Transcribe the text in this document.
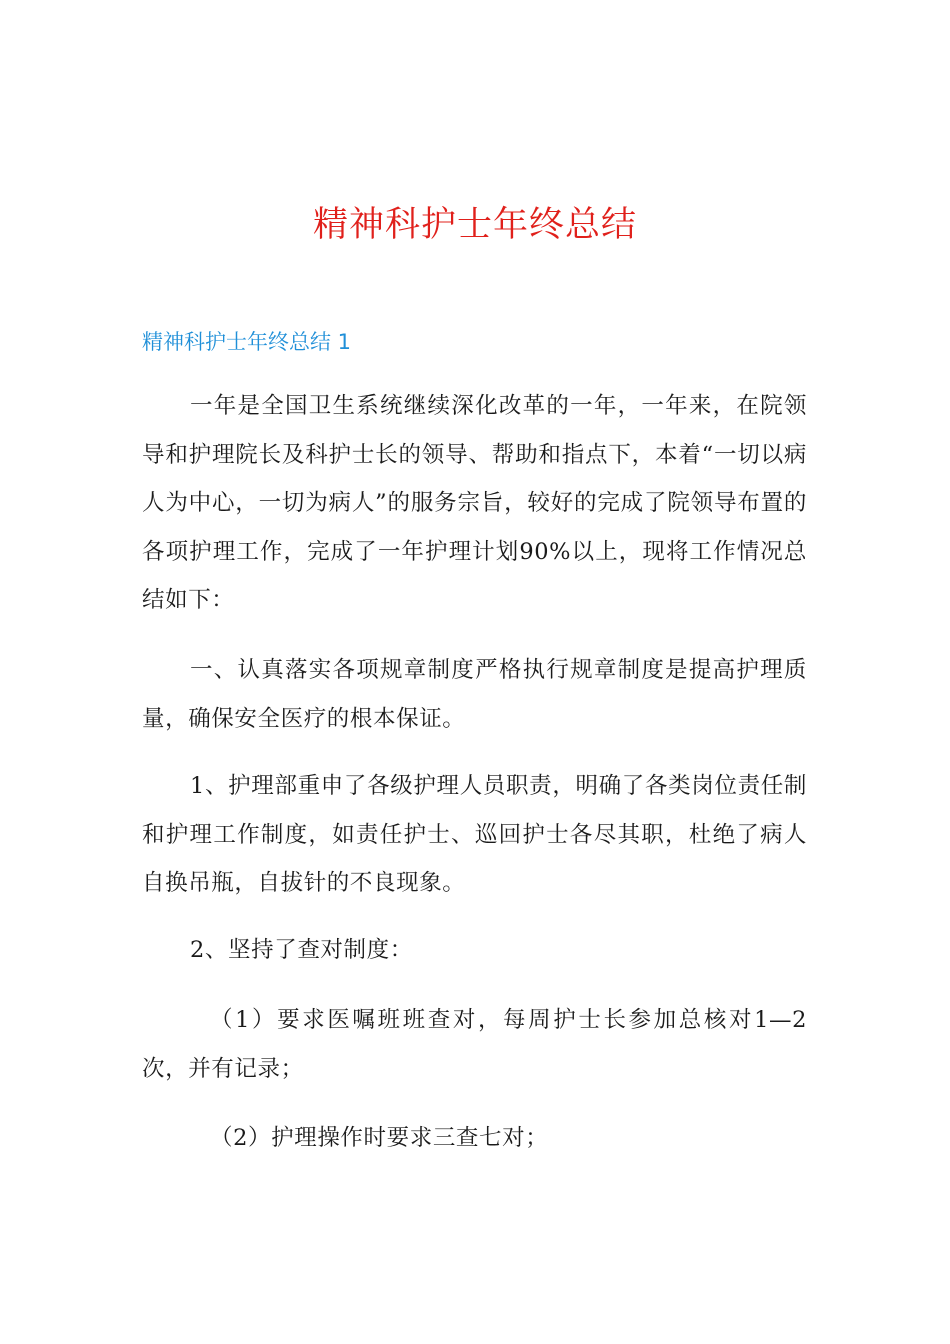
精神科护士年终总结
精神科护士年终总结 1

一年是全国卫生系统继续深化改革的一年，一年来，在院领导和护理院长及科护士长的领导、帮助和指点下，本着“一切以病人为中心，一切为病人”的服务宗旨，较好的完成了院领导布置的各项护理工作，完成了一年护理计划90%以上，现将工作情况总结如下：

一、认真落实各项规章制度严格执行规章制度是提高护理质量，确保安全医疗的根本保证。

1、护理部重申了各级护理人员职责，明确了各类岗位责任制和护理工作制度，如责任护士、巡回护士各尽其职，杜绝了病人自换吊瓶，自拔针的不良现象。

2、坚持了查对制度：

（1）要求医嘱班班查对，每周护士长参加总核对1—2次，并有记录；

（2）护理操作时要求三查七对；
